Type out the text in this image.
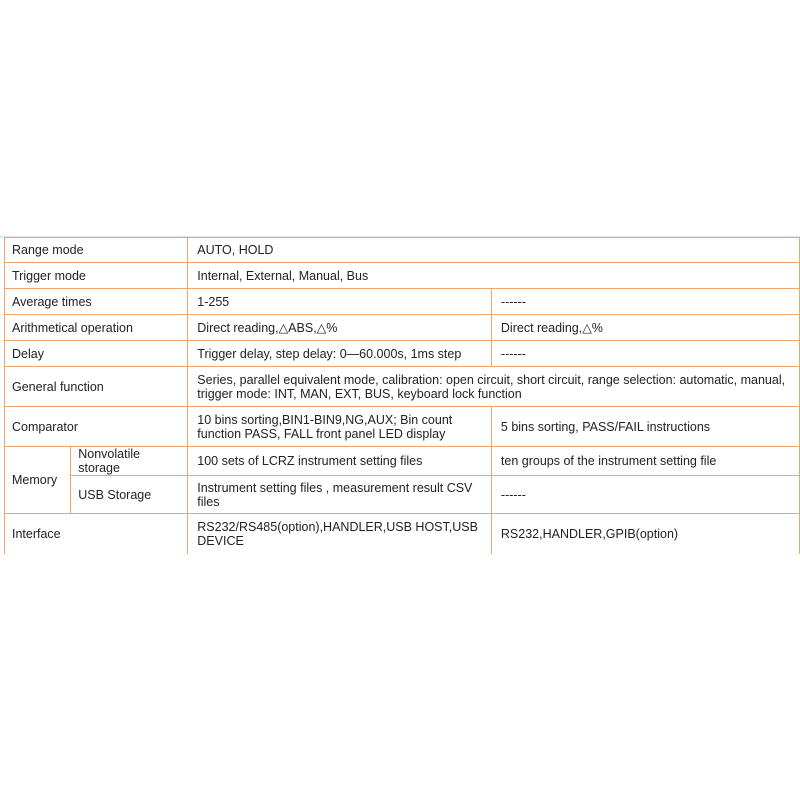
Range mode		AUTO, HOLD	
Trigger mode		Internal, External, Manual, Bus	
Average times		1-255	------
Arithmetical operation		Direct reading,△ABS,△%	Direct reading,△%
Delay		Trigger delay, step delay: 0—60.000s, 1ms step	------
General function		Series, parallel equivalent mode, calibration: open circuit, short circuit, range selection: automatic, manual, trigger mode: INT, MAN, EXT, BUS, keyboard lock function	
Comparator		10 bins sorting,BIN1-BIN9,NG,AUX; Bin count function PASS, FALL front panel LED display	5 bins sorting, PASS/FAIL instructions
Memory	Nonvolatile storage	100 sets of LCRZ instrument setting files	ten groups of the instrument setting file
	USB Storage	Instrument setting files , measurement result CSV files	------
Interface		RS232/RS485(option),HANDLER,USB HOST,USB DEVICE	RS232,HANDLER,GPIB(option)
